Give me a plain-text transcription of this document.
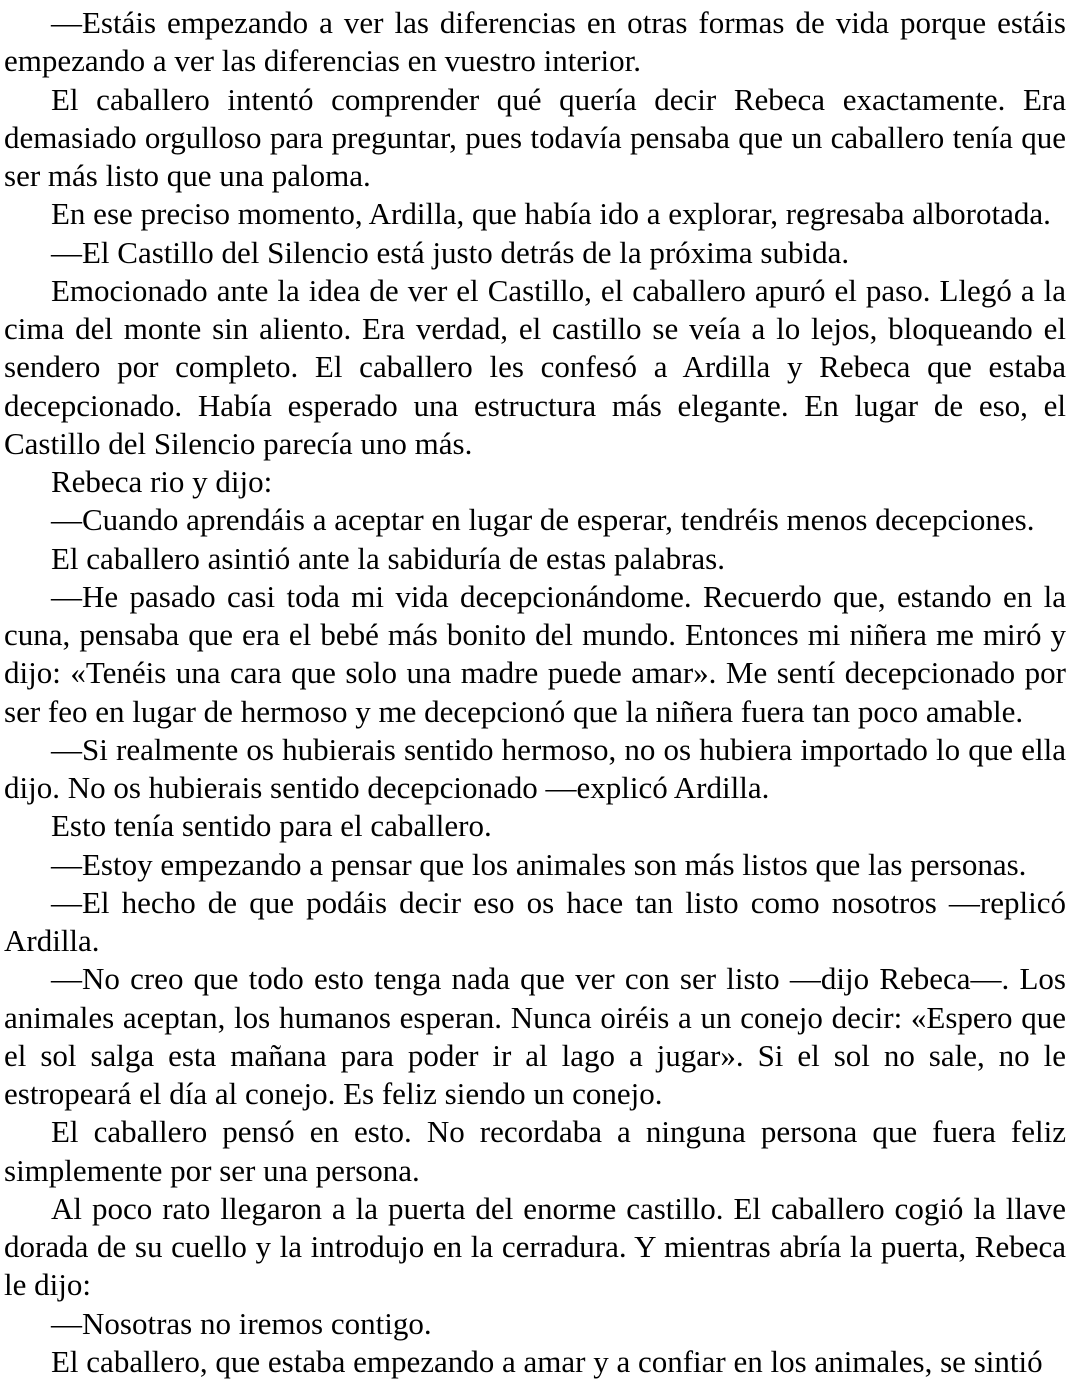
—Estáis empezando a ver las diferencias en otras formas de vida porque estáis empezando a ver las diferencias en vuestro interior.

El caballero intentó comprender qué quería decir Rebeca exactamente. Era demasiado orgulloso para preguntar, pues todavía pensaba que un caballero tenía que ser más listo que una paloma.

En ese preciso momento, Ardilla, que había ido a explorar, regresaba alborotada.

—El Castillo del Silencio está justo detrás de la próxima subida.

Emocionado ante la idea de ver el Castillo, el caballero apuró el paso. Llegó a la cima del monte sin aliento. Era verdad, el castillo se veía a lo lejos, bloqueando el sendero por completo. El caballero les confesó a Ardilla y Rebeca que estaba decepcionado. Había esperado una estructura más elegante. En lugar de eso, el Castillo del Silencio parecía uno más.

Rebeca rio y dijo:

—Cuando aprendáis a aceptar en lugar de esperar, tendréis menos decepciones.

El caballero asintió ante la sabiduría de estas palabras.

—He pasado casi toda mi vida decepcionándome. Recuerdo que, estando en la cuna, pensaba que era el bebé más bonito del mundo. Entonces mi niñera me miró y dijo: «Tenéis una cara que solo una madre puede amar». Me sentí decepcionado por ser feo en lugar de hermoso y me decepcionó que la niñera fuera tan poco amable.

—Si realmente os hubierais sentido hermoso, no os hubiera importado lo que ella dijo. No os hubierais sentido decepcionado —explicó Ardilla.

Esto tenía sentido para el caballero.

—Estoy empezando a pensar que los animales son más listos que las personas.

—El hecho de que podáis decir eso os hace tan listo como nosotros —replicó Ardilla.

—No creo que todo esto tenga nada que ver con ser listo —dijo Rebeca—. Los animales aceptan, los humanos esperan. Nunca oiréis a un conejo decir: «Espero que el sol salga esta mañana para poder ir al lago a jugar». Si el sol no sale, no le estropeará el día al conejo. Es feliz siendo un conejo.

El caballero pensó en esto. No recordaba a ninguna persona que fuera feliz simplemente por ser una persona.

Al poco rato llegaron a la puerta del enorme castillo. El caballero cogió la llave dorada de su cuello y la introdujo en la cerradura. Y mientras abría la puerta, Rebeca le dijo:

—Nosotras no iremos contigo.

El caballero, que estaba empezando a amar y a confiar en los animales, se sintió
